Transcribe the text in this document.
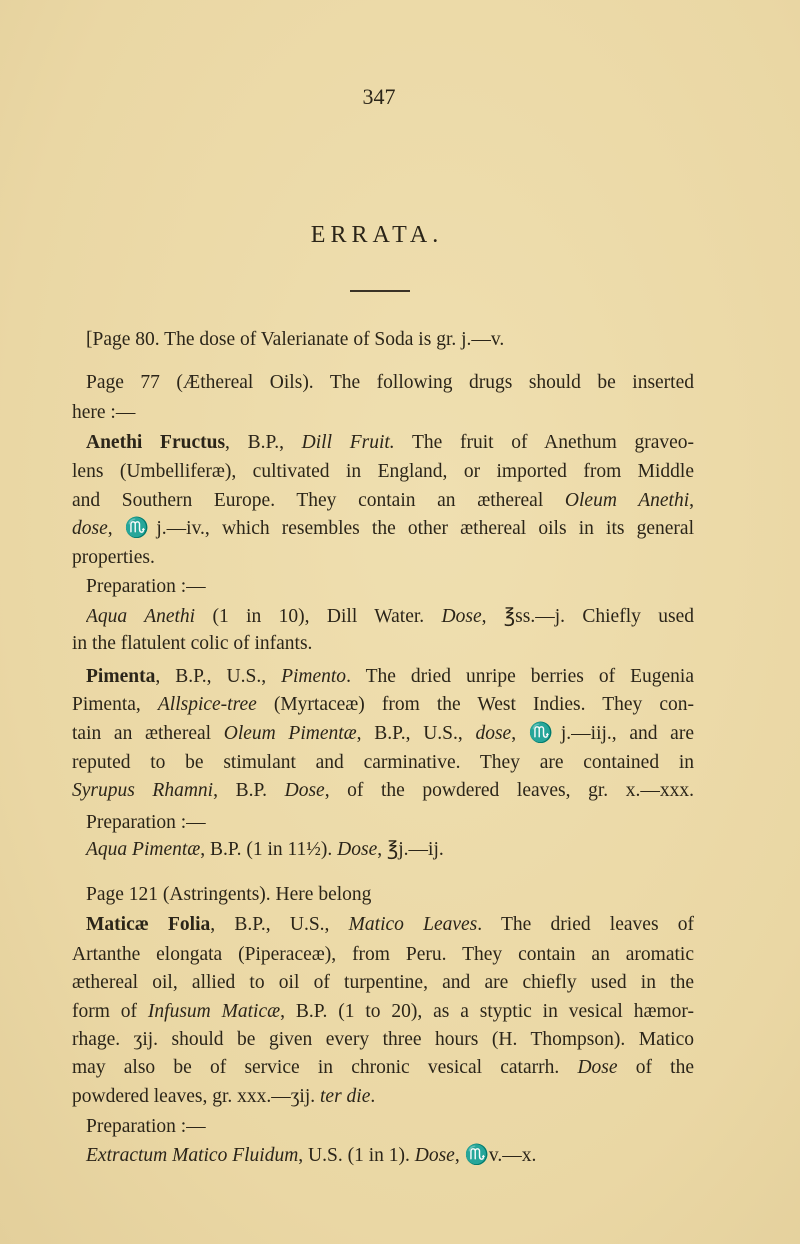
347
ERRATA.
[Page 80. The dose of Valerianate of Soda is gr. j.—v.
Page 77 (Æthereal Oils). The following drugs should be inserted
here :—
Anethi Fructus, B.P., Dill Fruit. The fruit of Anethum graveo-
lens (Umbelliferæ), cultivated in England, or imported from Middle
and Southern Europe. They contain an æthereal Oleum Anethi,
dose, ♏j.—iv., which resembles the other æthereal oils in its general
properties.
Preparation :—
Aqua Anethi (1 in 10), Dill Water. Dose, ℥ss.—j. Chiefly used
in the flatulent colic of infants.
Pimenta, B.P., U.S., Pimento. The dried unripe berries of Eugenia
Pimenta, Allspice-tree (Myrtaceæ) from the West Indies. They con-
tain an æthereal Oleum Pimentæ, B.P., U.S., dose, ♏j.—iij., and are
reputed to be stimulant and carminative. They are contained in
Syrupus Rhamni, B.P. Dose, of the powdered leaves, gr. x.—xxx.
Preparation :—
Aqua Pimentæ, B.P. (1 in 11½). Dose, ℥j.—ij.
Page 121 (Astringents). Here belong
Maticæ Folia, B.P., U.S., Matico Leaves. The dried leaves of
Artanthe elongata (Piperaceæ), from Peru. They contain an aromatic
æthereal oil, allied to oil of turpentine, and are chiefly used in the
form of Infusum Maticæ, B.P. (1 to 20), as a styptic in vesical hæmor-
rhage. ʒij. should be given every three hours (H. Thompson). Matico
may also be of service in chronic vesical catarrh. Dose of the
powdered leaves, gr. xxx.—ʒij. ter die.
Preparation :—
Extractum Matico Fluidum, U.S. (1 in 1). Dose, ♏v.—x.
